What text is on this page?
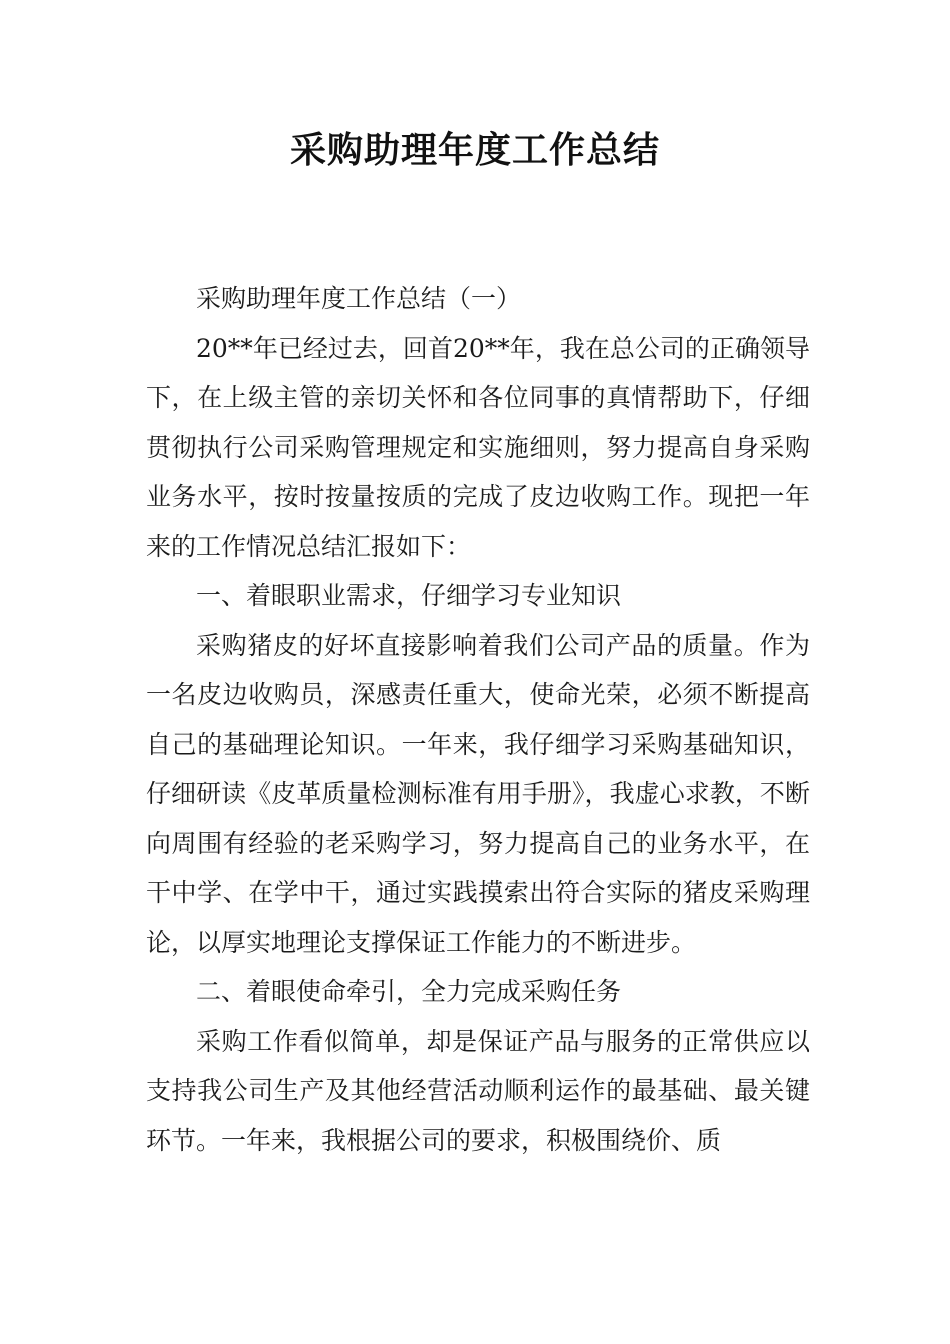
采购助理年度工作总结

采购助理年度工作总结（一）

20**年已经过去，回首20**年，我在总公司的正确领导下，在上级主管的亲切关怀和各位同事的真情帮助下，仔细贯彻执行公司采购管理规定和实施细则，努力提高自身采购业务水平，按时按量按质的完成了皮边收购工作。现把一年来的工作情况总结汇报如下：

一、着眼职业需求，仔细学习专业知识

采购猪皮的好坏直接影响着我们公司产品的质量。作为一名皮边收购员，深感责任重大，使命光荣，必须不断提高自己的基础理论知识。一年来，我仔细学习采购基础知识，仔细研读《皮革质量检测标准有用手册》，我虚心求教，不断向周围有经验的老采购学习，努力提高自己的业务水平，在干中学、在学中干，通过实践摸索出符合实际的猪皮采购理论，以厚实地理论支撑保证工作能力的不断进步。

二、着眼使命牵引，全力完成采购任务

采购工作看似简单，却是保证产品与服务的正常供应以支持我公司生产及其他经营活动顺利运作的最基础、最关键环节。一年来，我根据公司的要求，积极围绕价、质
